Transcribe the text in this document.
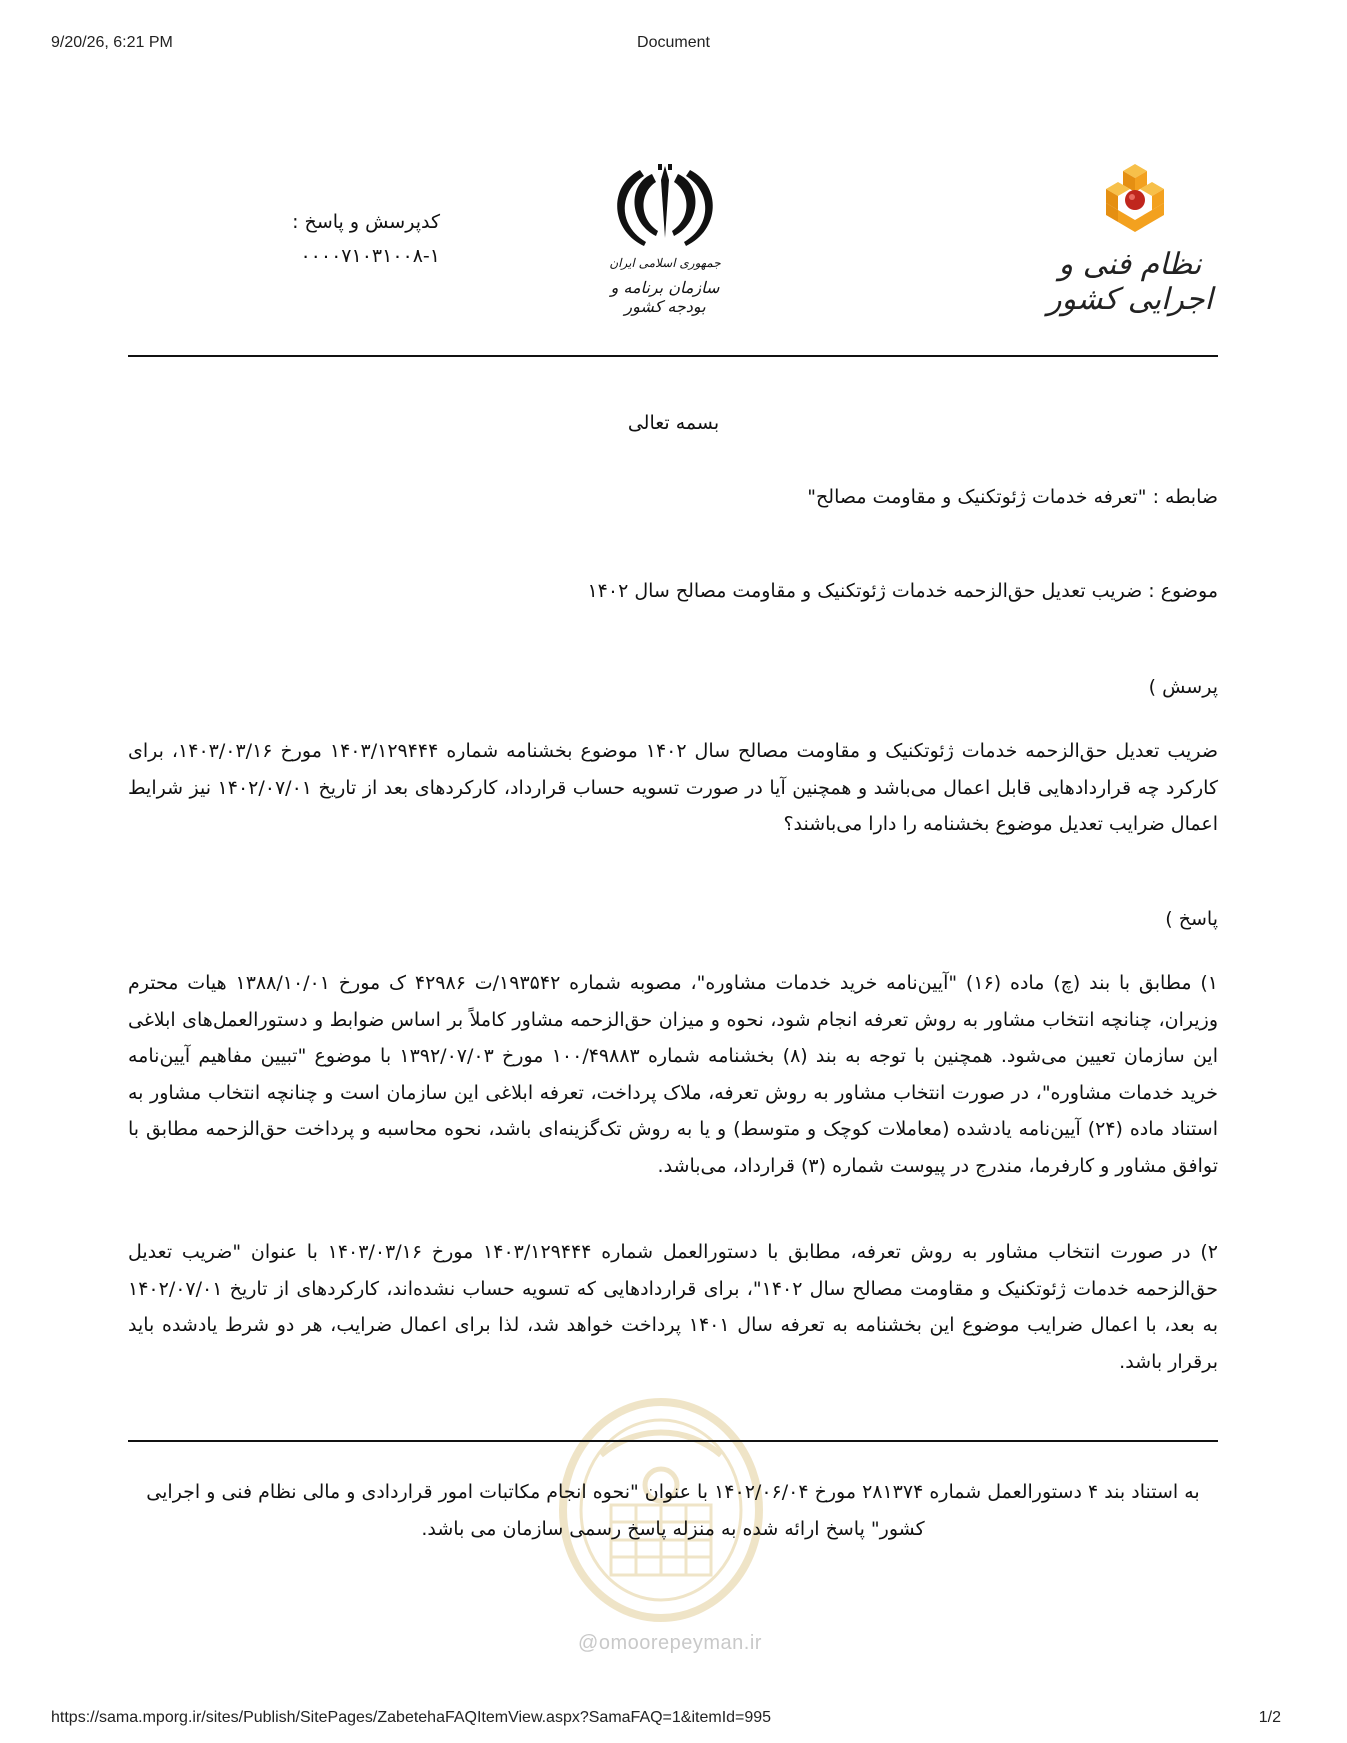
9/20/26, 6:21 PM	Document
نظام فنی و اجرایی کشور
جمهوری اسلامی ایران
سازمان برنامه و بودجه کشور
کدپرسش و پاسخ :
۰۰۰۰۷۱۰۳۱۰۰۸-۱
بسمه تعالی
ضابطه : "تعرفه خدمات ژئوتکنیک و مقاومت مصالح"
موضوع : ضریب تعدیل حق‌الزحمه خدمات ژئوتکنیک و مقاومت مصالح سال ۱۴۰۲
پرسش )
ضریب تعدیل حق‌الزحمه خدمات ژئوتکنیک و مقاومت مصالح سال ۱۴۰۲ موضوع بخشنامه شماره ۱۴۰۳/۱۲۹۴۴۴ مورخ ۱۴۰۳/۰۳/۱۶، برای کارکرد چه قراردادهایی قابل اعمال می‌باشد و همچنین آیا در صورت تسویه حساب قرارداد، کارکردهای بعد از تاریخ ۱۴۰۲/۰۷/۰۱ نیز شرایط اعمال ضرایب تعدیل موضوع بخشنامه را دارا می‌باشند؟
پاسخ )
۱) مطابق با بند (چ) ماده (۱۶) "آیین‌نامه خرید خدمات مشاوره"، مصوبه شماره ۱۹۳۵۴۲/ت ۴۲۹۸۶ ک مورخ ۱۳۸۸/۱۰/۰۱ هیات محترم وزیران، چنانچه انتخاب مشاور به روش تعرفه انجام شود، نحوه و میزان حق‌الزحمه مشاور کاملاً بر اساس ضوابط و دستورالعمل‌های ابلاغی این سازمان تعیین می‌شود. همچنین با توجه به بند (۸) بخشنامه شماره ۱۰۰/۴۹۸۸۳ مورخ ۱۳۹۲/۰۷/۰۳ با موضوع "تبیین مفاهیم آیین‌نامه خرید خدمات مشاوره"، در صورت انتخاب مشاور به روش تعرفه، ملاک پرداخت، تعرفه ابلاغی این سازمان است و چنانچه انتخاب مشاور به استناد ماده (۲۴) آیین‌نامه یادشده (معاملات کوچک و متوسط) و یا به روش تک‌گزینه‌ای باشد، نحوه محاسبه و پرداخت حق‌الزحمه مطابق با توافق مشاور و کارفرما، مندرج در پیوست شماره (۳) قرارداد، می‌باشد.
۲) در صورت انتخاب مشاور به روش تعرفه، مطابق با دستورالعمل شماره ۱۴۰۳/۱۲۹۴۴۴ مورخ ۱۴۰۳/۰۳/۱۶ با عنوان "ضریب تعدیل حق‌الزحمه خدمات ژئوتکنیک و مقاومت مصالح سال ۱۴۰۲"، برای قراردادهایی که تسویه حساب نشده‌اند، کارکردهای از تاریخ ۱۴۰۲/۰۷/۰۱ به بعد، با اعمال ضرایب موضوع این بخشنامه به تعرفه سال ۱۴۰۱ پرداخت خواهد شد، لذا برای اعمال ضرایب، هر دو شرط یادشده باید برقرار باشد.
به استناد بند ۴ دستورالعمل شماره ۲۸۱۳۷۴ مورخ ۱۴۰۲/۰۶/۰۴ با عنوان "نحوه انجام مکاتبات امور قراردادی و مالی نظام فنی و اجرایی کشور" پاسخ ارائه شده به منزله پاسخ رسمی سازمان می باشد.
@omoorepeyman.ir
https://sama.mporg.ir/sites/Publish/SitePages/ZabetehaFAQItemView.aspx?SamaFAQ=1&itemId=995	1/2
